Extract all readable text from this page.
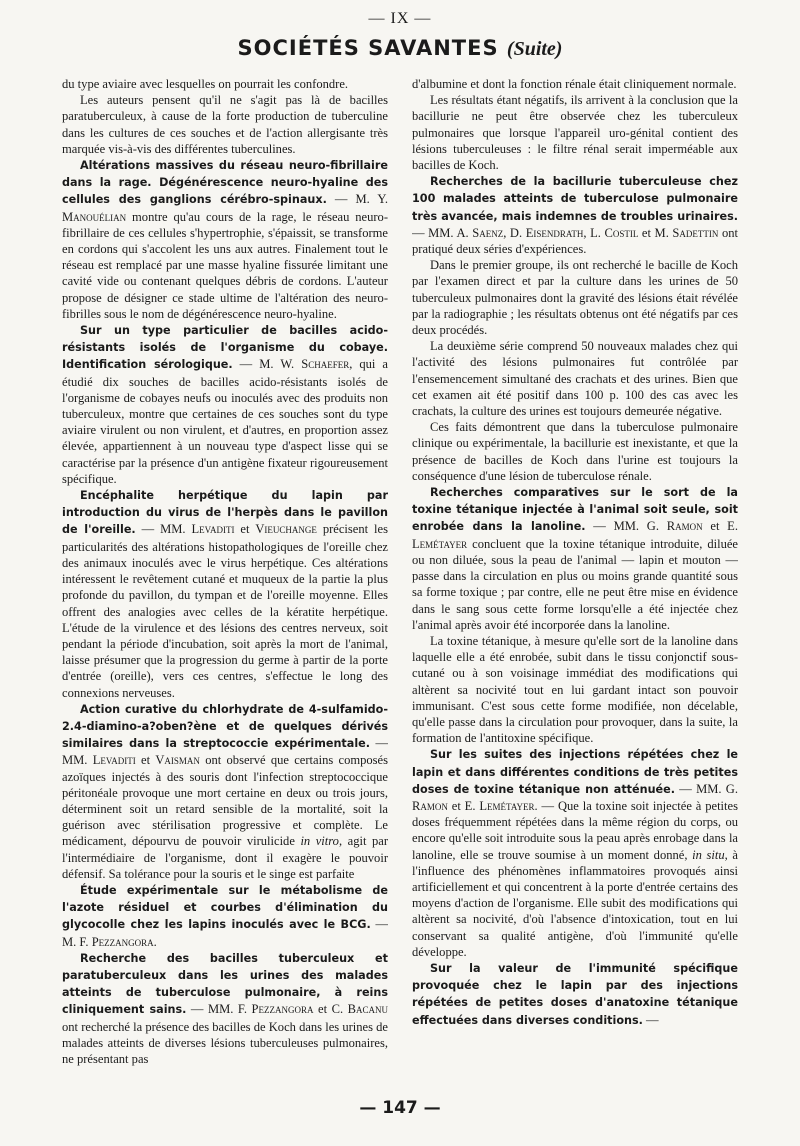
— IX —
SOCIÉTÉS SAVANTES (Suite)

du type aviaire avec lesquelles on pourrait les confondre.

Les auteurs pensent qu'il ne s'agit pas là de bacilles paratuberculeux, à cause de la forte production de tuberculine dans les cultures de ces souches et de l'action allergisante très marquée vis-à-vis des différentes tuberculines.

Altérations massives du réseau neuro-fibrillaire dans la rage. Dégénérescence neuro-hyaline des cellules des ganglions cérébro-spinaux. — M. Y. Manouélian montre qu'au cours de la rage, le réseau neuro-fibrillaire de ces cellules s'hypertrophie, s'épaissit, se transforme en cordons qui s'accolent les uns aux autres. Finalement tout le réseau est remplacé par une masse hyaline fissurée limitant une cavité vide ou contenant quelques débris de cordons. L'auteur propose de désigner ce stade ultime de l'altération des neuro-fibrilles sous le nom de dégénérescence neuro-hyaline.

Sur un type particulier de bacilles acido-résistants isolés de l'organisme du cobaye. Identification sérologique. — M. W. Schaefer, qui a étudié dix souches de bacilles acido-résistants isolés de l'organisme de cobayes neufs ou inoculés avec des produits non tuberculeux, montre que certaines de ces souches sont du type aviaire virulent ou non virulent, et d'autres, en proportion assez élevée, appartiennent à un nouveau type d'aspect lisse qui se caractérise par la présence d'un antigène fixateur rigoureusement spécifique.

Encéphalite herpétique du lapin par introduction du virus de l'herpès dans le pavillon de l'oreille. — MM. Levaditi et Vieuchange précisent les particularités des altérations histopathologiques de l'oreille chez des animaux inoculés avec le virus herpétique. Ces altérations intéressent le revêtement cutané et muqueux de la partie la plus profonde du pavillon, du tympan et de l'oreille moyenne. Elles offrent des analogies avec celles de la kératite herpétique. L'étude de la virulence et des lésions des centres nerveux, soit pendant la période d'incubation, soit après la mort de l'animal, laisse présumer que la progression du germe à partir de la porte d'entrée (oreille), vers ces centres, s'effectue le long des connexions nerveuses.

Action curative du chlorhydrate de 4-sulfamido-2.4-diamino-a?oben?ène et de quelques dérivés similaires dans la streptococcie expérimentale. — MM. Levaditi et Vaisman ont observé que certains composés azoïques injectés à des souris dont l'infection streptococcique péritonéale provoque une mort certaine en deux ou trois jours, déterminent soit un retard sensible de la mortalité, soit la guérison avec stérilisation progressive et complète. Le médicament, dépourvu de pouvoir virulicide in vitro, agit par l'intermédiaire de l'organisme, dont il exagère le pouvoir défensif. Sa tolérance pour la souris et le singe est parfaite

Étude expérimentale sur le métabolisme de l'azote résiduel et courbes d'élimination du glycocolle chez les lapins inoculés avec le BCG. — M. F. Pezzangora.

Recherche des bacilles tuberculeux et paratuberculeux dans les urines des malades atteints de tuberculose pulmonaire, à reins cliniquement sains. — MM. F. Pezzangora et C. Bacanu ont recherché la présence des bacilles de Koch dans les urines de malades atteints de diverses lésions tuberculeuses pulmonaires, ne présentant pas

d'albumine et dont la fonction rénale était cliniquement normale.

Les résultats étant négatifs, ils arrivent à la conclusion que la bacillurie ne peut être observée chez les tuberculeux pulmonaires que lorsque l'appareil uro-génital contient des lésions tuberculeuses : le filtre rénal serait imperméable aux bacilles de Koch.

Recherches de la bacillurie tuberculeuse chez 100 malades atteints de tuberculose pulmonaire très avancée, mais indemnes de troubles urinaires. — MM. A. Saenz, D. Eisendrath, L. Costil et M. Sadettin ont pratiqué deux séries d'expériences.

Dans le premier groupe, ils ont recherché le bacille de Koch par l'examen direct et par la culture dans les urines de 50 tuberculeux pulmonaires dont la gravité des lésions était révélée par la radiographie ; les résultats obtenus ont été négatifs par ces deux procédés.

La deuxième série comprend 50 nouveaux malades chez qui l'activité des lésions pulmonaires fut contrôlée par l'ensemencement simultané des crachats et des urines. Bien que cet examen ait été positif dans 100 p. 100 des cas avec les crachats, la culture des urines est toujours demeurée négative.

Ces faits démontrent que dans la tuberculose pulmonaire clinique ou expérimentale, la bacillurie est inexistante, et que la présence de bacilles de Koch dans l'urine est toujours la conséquence d'une lésion de tuberculose rénale.

Recherches comparatives sur le sort de la toxine tétanique injectée à l'animal soit seule, soit enrobée dans la lanoline. — MM. G. Ramon et E. Lemétayer concluent que la toxine tétanique introduite, diluée ou non diluée, sous la peau de l'animal — lapin et mouton — passe dans la circulation en plus ou moins grande quantité sous sa forme toxique ; par contre, elle ne peut être mise en évidence dans le sang sous cette forme lorsqu'elle a été injectée chez l'animal après avoir été incorporée dans la lanoline.

La toxine tétanique, à mesure qu'elle sort de la lanoline dans laquelle elle a été enrobée, subit dans le tissu conjonctif sous-cutané ou à son voisinage immédiat des modifications qui altèrent sa nocivité tout en lui gardant intact son pouvoir immunisant. C'est sous cette forme modifiée, non décelable, qu'elle passe dans la circulation pour provoquer, dans la suite, la formation de l'antitoxine spécifique.

Sur les suites des injections répétées chez le lapin et dans différentes conditions de très petites doses de toxine tétanique non atténuée. — MM. G. Ramon et E. Lemétayer. — Que la toxine soit injectée à petites doses fréquemment répétées dans la même région du corps, ou encore qu'elle soit introduite sous la peau après enrobage dans la lanoline, elle se trouve soumise à un moment donné, in situ, à l'influence des phénomènes inflammatoires provoqués ainsi artificiellement et qui concentrent à la porte d'entrée certains des moyens d'action de l'organisme. Elle subit des modifications qui altèrent sa nocivité, d'où l'absence d'intoxication, tout en lui conservant sa qualité antigène, d'où l'immunité qu'elle développe.

Sur la valeur de l'immunité spécifique provoquée chez le lapin par des injections répétées de petites doses d'anatoxine tétanique effectuées dans diverses conditions. —

— 147 —
